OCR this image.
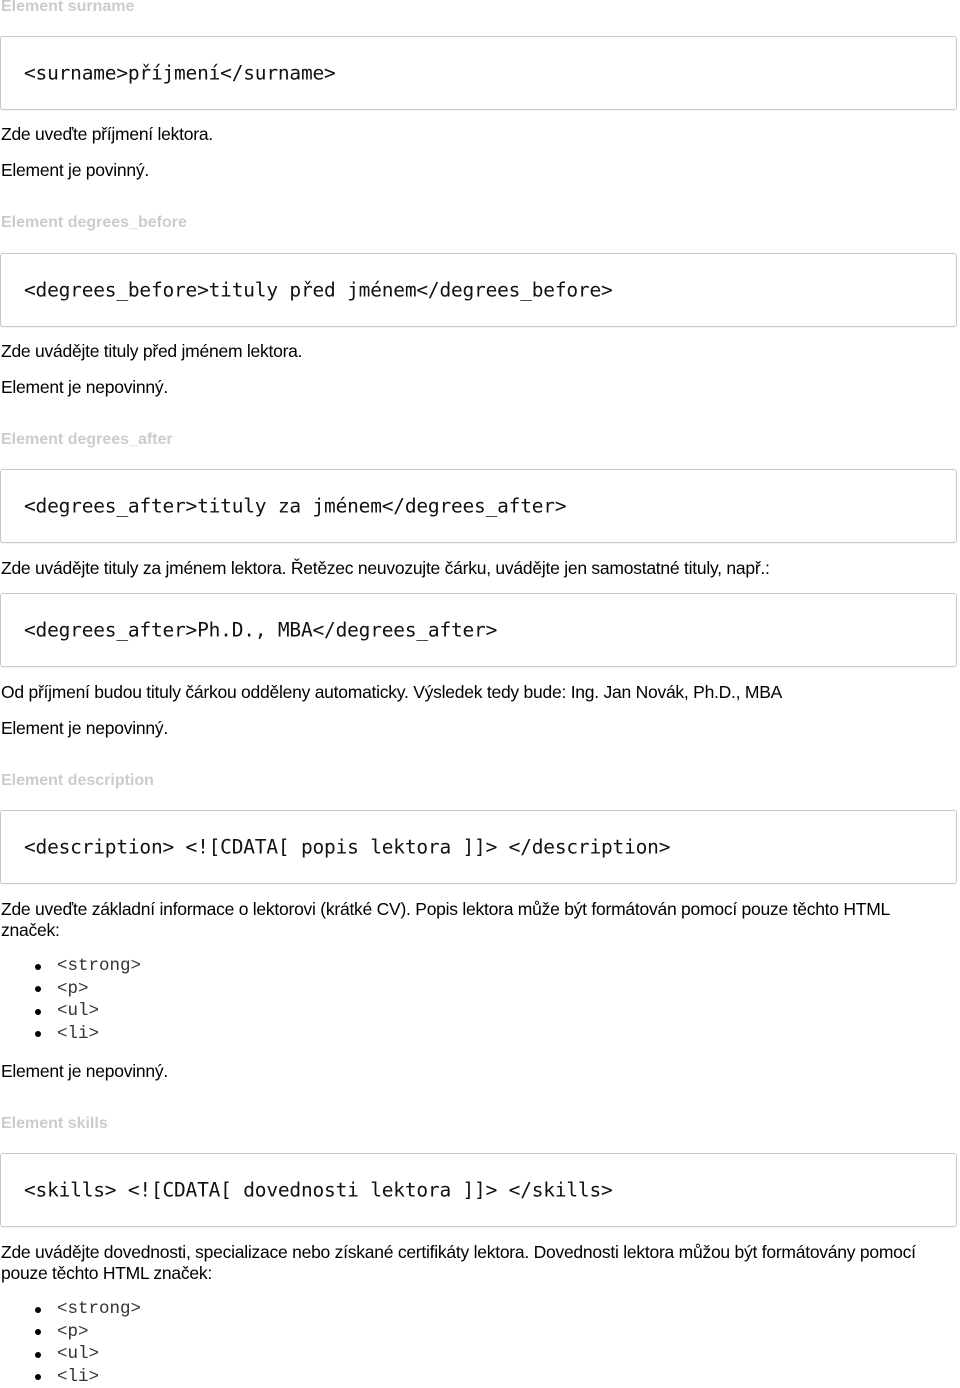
Element surname
<surname>příjmení</surname>
Zde uveďte příjmení lektora.
Element je povinný.
Element degrees_before
<degrees_before>tituly před jménem</degrees_before>
Zde uvádějte tituly před jménem lektora.
Element je nepovinný.
Element degrees_after
<degrees_after>tituly za jménem</degrees_after>
Zde uvádějte tituly za jménem lektora. Řetězec neuvozujte čárku, uvádějte jen samostatné tituly, např.:
<degrees_after>Ph.D., MBA</degrees_after>
Od příjmení budou tituly čárkou odděleny automaticky. Výsledek tedy bude: Ing. Jan Novák, Ph.D., MBA
Element je nepovinný.
Element description
<description> <![CDATA[ popis lektora ]]> </description>
Zde uveďte základní informace o lektorovi (krátké CV). Popis lektora může být formátován pomocí pouze těchto HTML značek:
<strong>
<p>
<ul>
<li>
Element je nepovinný.
Element skills
<skills> <![CDATA[ dovednosti lektora ]]> </skills>
Zde uvádějte dovednosti, specializace nebo získané certifikáty lektora. Dovednosti lektora můžou být formátovány pomocí pouze těchto HTML značek:
<strong>
<p>
<ul>
<li>
